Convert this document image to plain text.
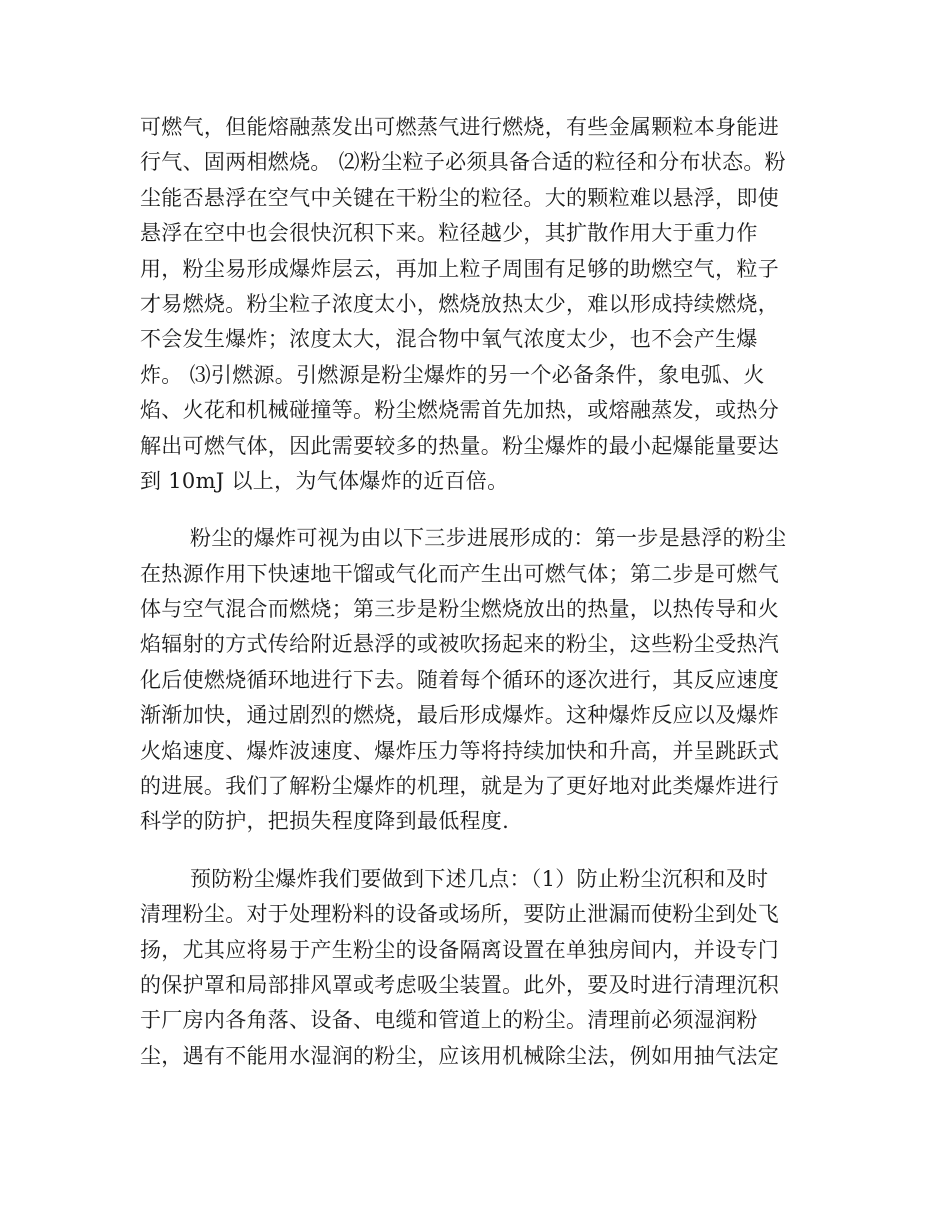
可燃气，但能熔融蒸发出可燃蒸气进行燃烧，有些金属颗粒本身能进
行气、固两相燃烧。 ⑵粉尘粒子必须具备合适的粒径和分布状态。粉
尘能否悬浮在空气中关键在干粉尘的粒径。大的颗粒难以悬浮，即使
悬浮在空中也会很快沉积下来。粒径越少，其扩散作用大于重力作
用，粉尘易形成爆炸层云，再加上粒子周围有足够的助燃空气，粒子
才易燃烧。粉尘粒子浓度太小，燃烧放热太少，难以形成持续燃烧，
不会发生爆炸；浓度太大，混合物中氧气浓度太少，也不会产生爆
炸。 ⑶引燃源。引燃源是粉尘爆炸的另一个必备条件，象电弧、火
焰、火花和机械碰撞等。粉尘燃烧需首先加热，或熔融蒸发，或热分
解出可燃气体，因此需要较多的热量。粉尘爆炸的最小起爆能量要达
到 10mJ 以上，为气体爆炸的近百倍。
粉尘的爆炸可视为由以下三步进展形成的：第一步是悬浮的粉尘
在热源作用下快速地干馏或气化而产生出可燃气体；第二步是可燃气
体与空气混合而燃烧；第三步是粉尘燃烧放出的热量，以热传导和火
焰辐射的方式传给附近悬浮的或被吹扬起来的粉尘，这些粉尘受热汽
化后使燃烧循环地进行下去。随着每个循环的逐次进行，其反应速度
渐渐加快，通过剧烈的燃烧，最后形成爆炸。这种爆炸反应以及爆炸
火焰速度、爆炸波速度、爆炸压力等将持续加快和升高，并呈跳跃式
的进展。我们了解粉尘爆炸的机理，就是为了更好地对此类爆炸进行
科学的防护，把损失程度降到最低程度.
预防粉尘爆炸我们要做到下述几点：（1）防止粉尘沉积和及时
清理粉尘。对于处理粉料的设备或场所，要防止泄漏而使粉尘到处飞
扬，尤其应将易于产生粉尘的设备隔离设置在单独房间内，并设专门
的保护罩和局部排风罩或考虑吸尘装置。此外，要及时进行清理沉积
于厂房内各角落、设备、电缆和管道上的粉尘。清理前必须湿润粉
尘，遇有不能用水湿润的粉尘，应该用机械除尘法，例如用抽气法定
